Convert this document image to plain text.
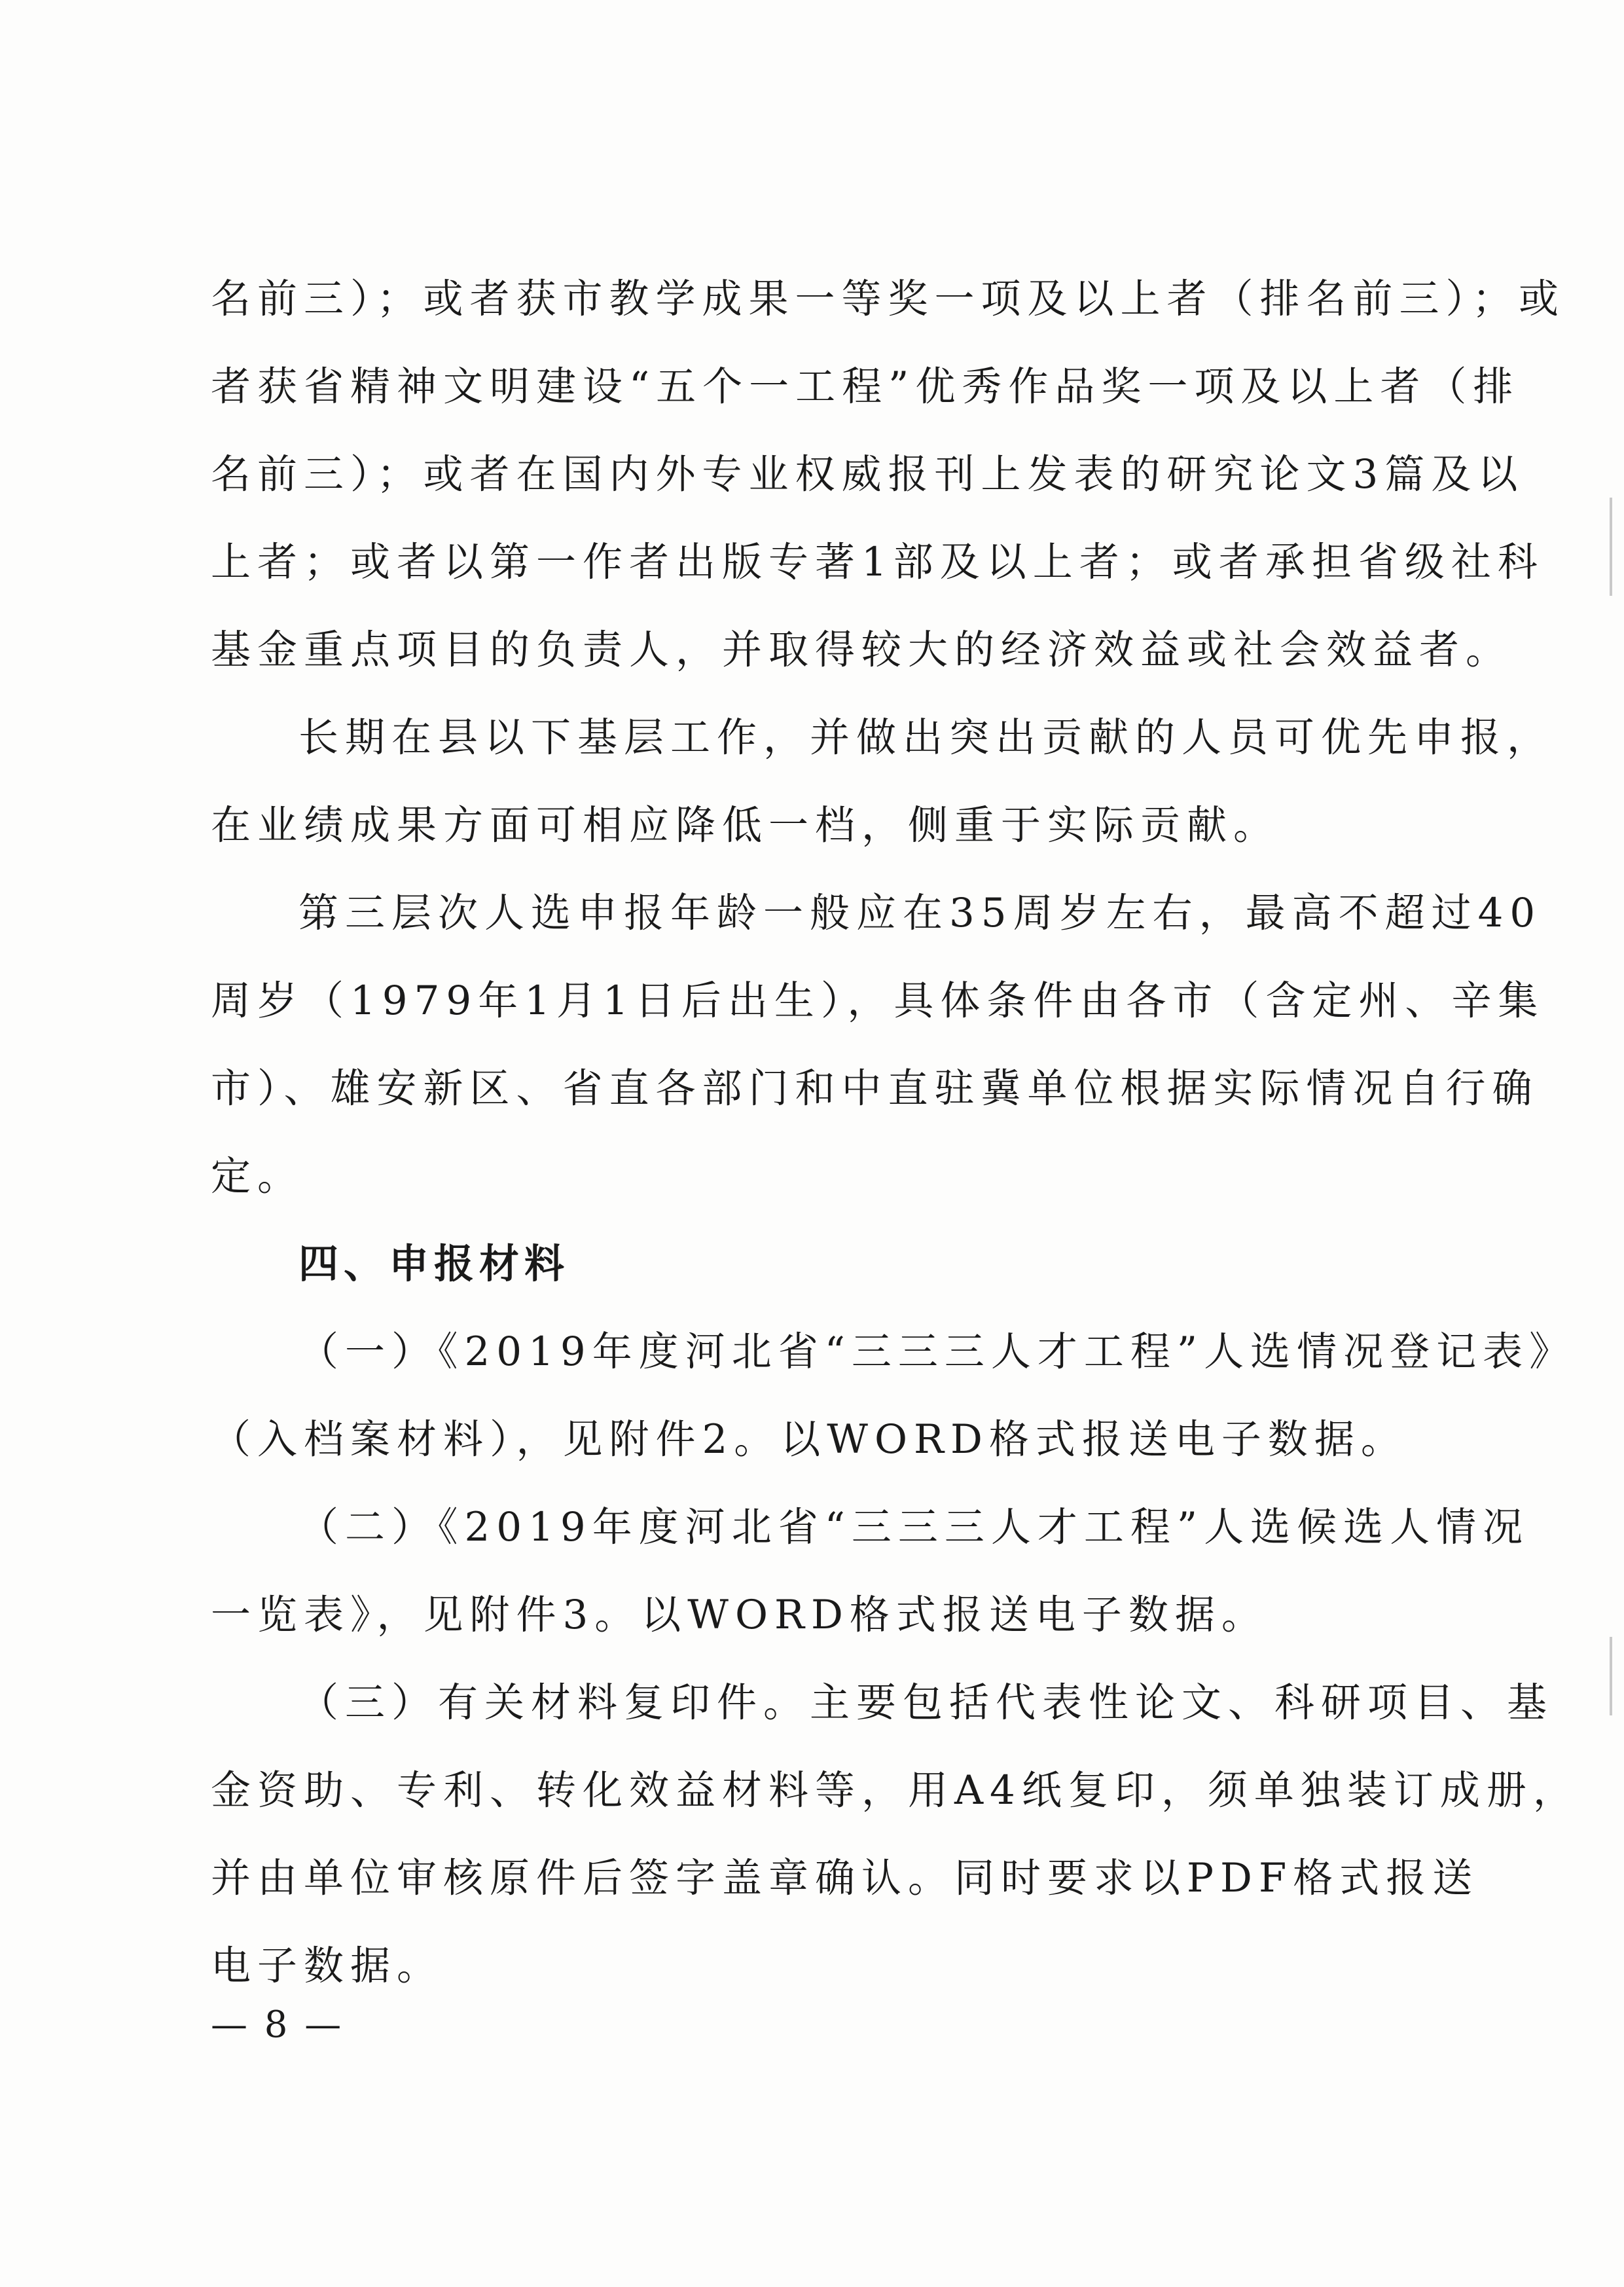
名前三）；或者获市教学成果一等奖一项及以上者（排名前三）；或
者获省精神文明建设“五个一工程”优秀作品奖一项及以上者（排
名前三）；或者在国内外专业权威报刊上发表的研究论文3篇及以
上者；或者以第一作者出版专著1部及以上者；或者承担省级社科
基金重点项目的负责人，并取得较大的经济效益或社会效益者。

长期在县以下基层工作，并做出突出贡献的人员可优先申报，
在业绩成果方面可相应降低一档，侧重于实际贡献。

第三层次人选申报年龄一般应在35周岁左右，最高不超过40
周岁（1979年1月1日后出生），具体条件由各市（含定州、辛集
市）、雄安新区、省直各部门和中直驻冀单位根据实际情况自行确
定。

四、申报材料

（一）《2019年度河北省“三三三人才工程”人选情况登记表》
（入档案材料），见附件2。以WORD格式报送电子数据。

（二）《2019年度河北省“三三三人才工程”人选候选人情况
一览表》，见附件3。以WORD格式报送电子数据。

（三）有关材料复印件。主要包括代表性论文、科研项目、基
金资助、专利、转化效益材料等，用A4纸复印，须单独装订成册，
并由单位审核原件后签字盖章确认。同时要求以PDF格式报送
电子数据。

— 8 —
